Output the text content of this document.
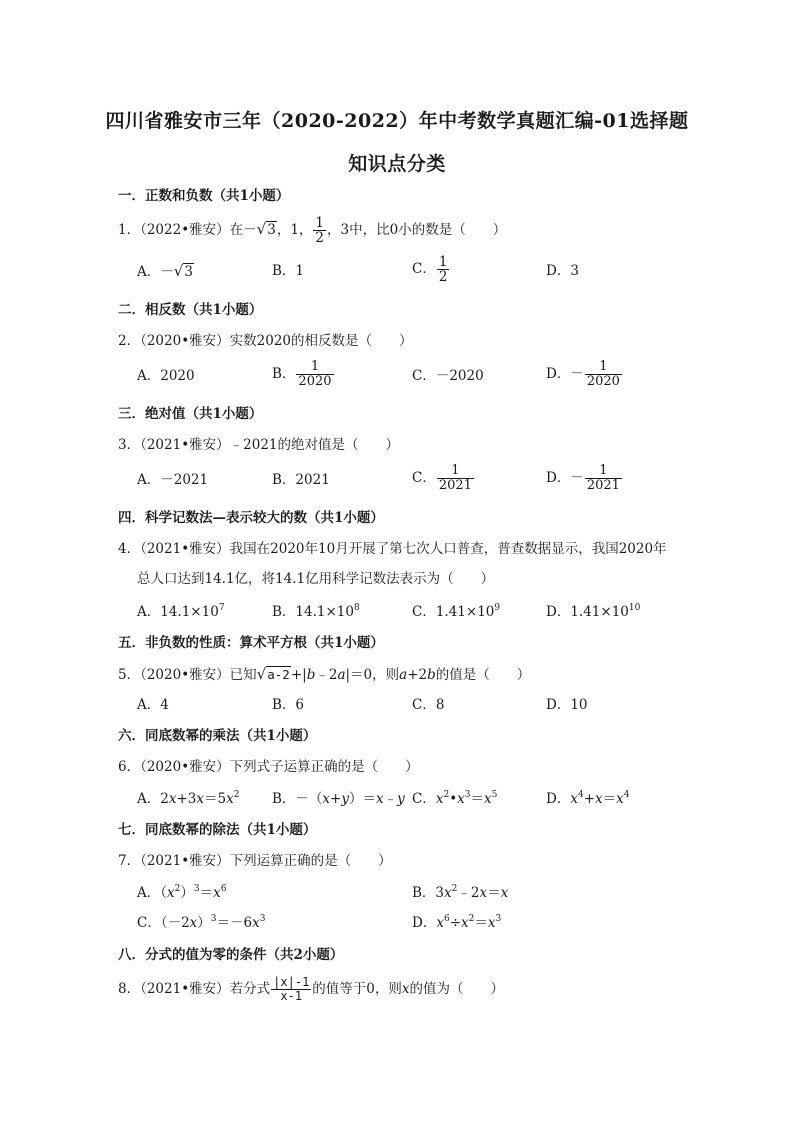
四川省雅安市三年（2020-2022）年中考数学真题汇编-01选择题
知识点分类
一．正数和负数（共1小题）
1．（2022•雅安）在－√3，1， $\frac{1}{2}$ ，3中，比0小的数是（　　）
A．－√3	B．1	C． $\frac{1}{2}$	D．3
二．相反数（共1小题）
2．（2020•雅安）实数2020的相反数是（　　）
A．2020	B． $\frac{1}{2020}$	C．－2020	D．－ $\frac{1}{2020}$
三．绝对值（共1小题）
3．（2021•雅安）﹣2021的绝对值是（　　）
A．－2021	B．2021	C． $\frac{1}{2021}$	D．－ $\frac{1}{2021}$
四．科学记数法—表示较大的数（共1小题）
4．（2021•雅安）我国在2020年10月开展了第七次人口普查，普查数据显示，我国2020年
总人口达到14.1亿，将14.1亿用科学记数法表示为（　　）
A．$14.1\times 10^7$	B．$14.1\times 10^8$	C．$1.41\times 10^9$	D．$1.41\times 10^{10}$
五．非负数的性质：算术平方根（共1小题）
5．（2020•雅安）已知√a-2+|b﹣2a|＝0，则a+2b的值是（　　）
A．4	B．6	C．8	D．10
六．同底数幂的乘法（共1小题）
6．（2020•雅安）下列式子运算正确的是（　　）
A．$2x+3x=5x^2$ B．－（x+y）＝x﹣y C．$x^2•x^3=x^5$	D．$x^4+x=x^4$
七．同底数幂的除法（共1小题）
7．（2021•雅安）下列运算正确的是（　　）
A．$(x^2)^3=x^6$	B．$3x^2﹣2x=x$
C．$(-2x)^3=-6x^3$	D．$x^6\div x^2=x^3$
八．分式的值为零的条件（共2小题）
8．（2021•雅安）若分式 $\frac{|x|-1}{x-1}$ 的值等于0，则x的值为（　　）
